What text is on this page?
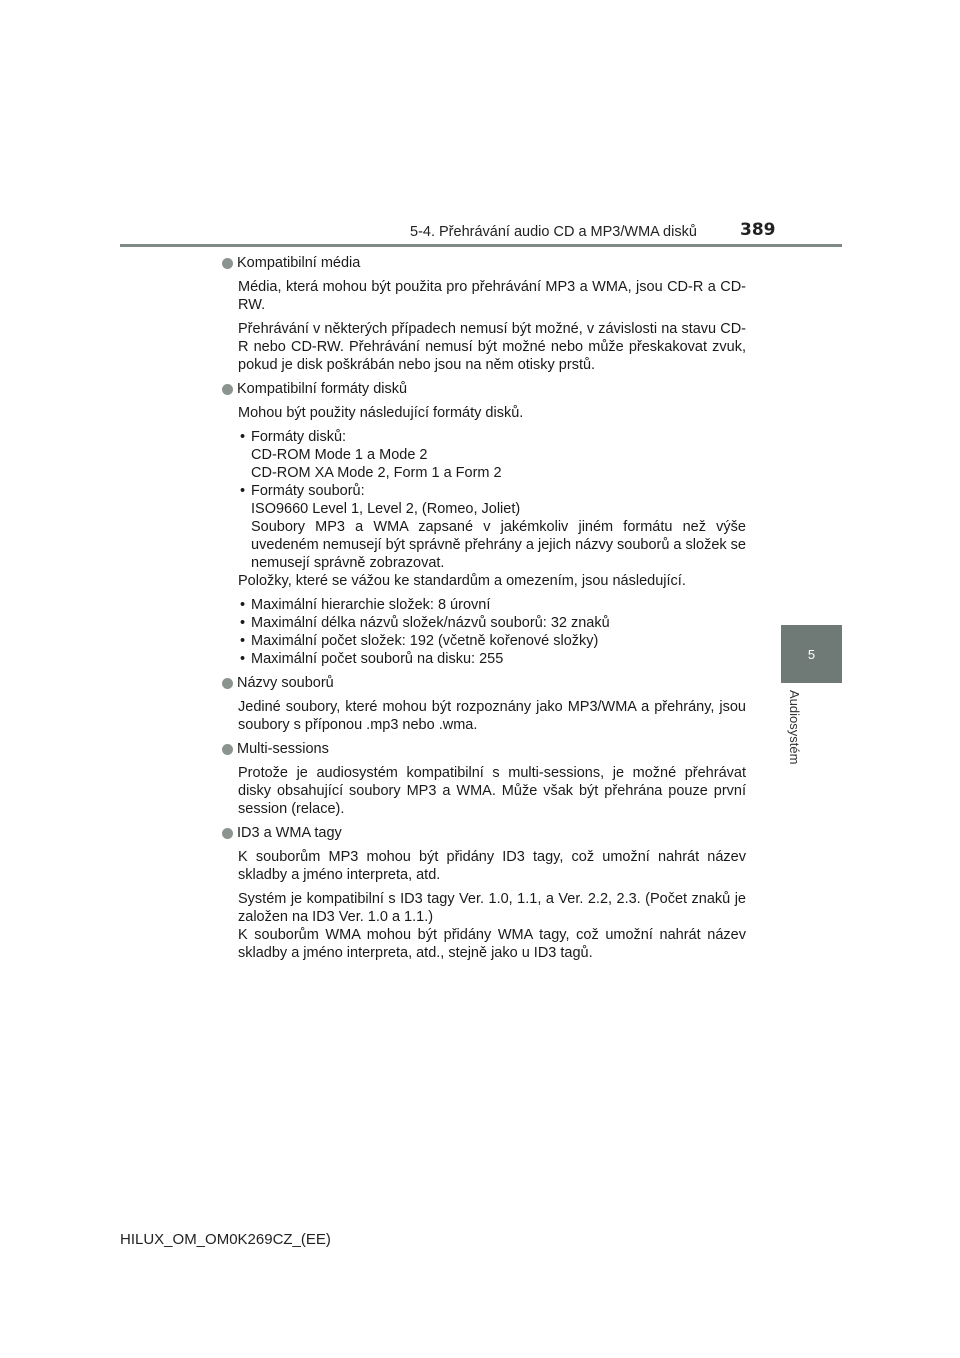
5-4. Přehrávání audio CD a MP3/WMA disků	389
5
Audiosystém
Kompatibilní média

Média, která mohou být použita pro přehrávání MP3 a WMA, jsou CD-R a CD-RW.

Přehrávání v některých případech nemusí být možné, v závislosti na stavu CD-R nebo CD-RW. Přehrávání nemusí být možné nebo může přeskakovat zvuk, pokud je disk poškrábán nebo jsou na něm otisky prstů.

Kompatibilní formáty disků

Mohou být použity následující formáty disků.

• Formáty disků:
CD-ROM Mode 1 a Mode 2
CD-ROM XA Mode 2, Form 1 a Form 2
• Formáty souborů:
ISO9660 Level 1, Level 2, (Romeo, Joliet)
Soubory MP3 a WMA zapsané v jakémkoliv jiném formátu než výše uvedeném nemusejí být správně přehrány a jejich názvy souborů a složek se nemusejí správně zobrazovat.

Položky, které se vážou ke standardům a omezením, jsou následující.

• Maximální hierarchie složek: 8 úrovní
• Maximální délka názvů složek/názvů souborů: 32 znaků
• Maximální počet složek: 192 (včetně kořenové složky)
• Maximální počet souborů na disku: 255
Názvy souborů

Jediné soubory, které mohou být rozpoznány jako MP3/WMA a přehrány, jsou soubory s příponou .mp3 nebo .wma.

Multi-sessions

Protože je audiosystém kompatibilní s multi-sessions, je možné přehrávat disky obsahující soubory MP3 a WMA. Může však být přehrána pouze první session (relace).

ID3 a WMA tagy

K souborům MP3 mohou být přidány ID3 tagy, což umožní nahrát název skladby a jméno interpreta, atd.

Systém je kompatibilní s ID3 tagy Ver. 1.0, 1.1, a Ver. 2.2, 2.3. (Počet znaků je založen na ID3 Ver. 1.0 a 1.1.)

K souborům WMA mohou být přidány WMA tagy, což umožní nahrát název skladby a jméno interpreta, atd., stejně jako u ID3 tagů.

HILUX_OM_OM0K269CZ_(EE)
